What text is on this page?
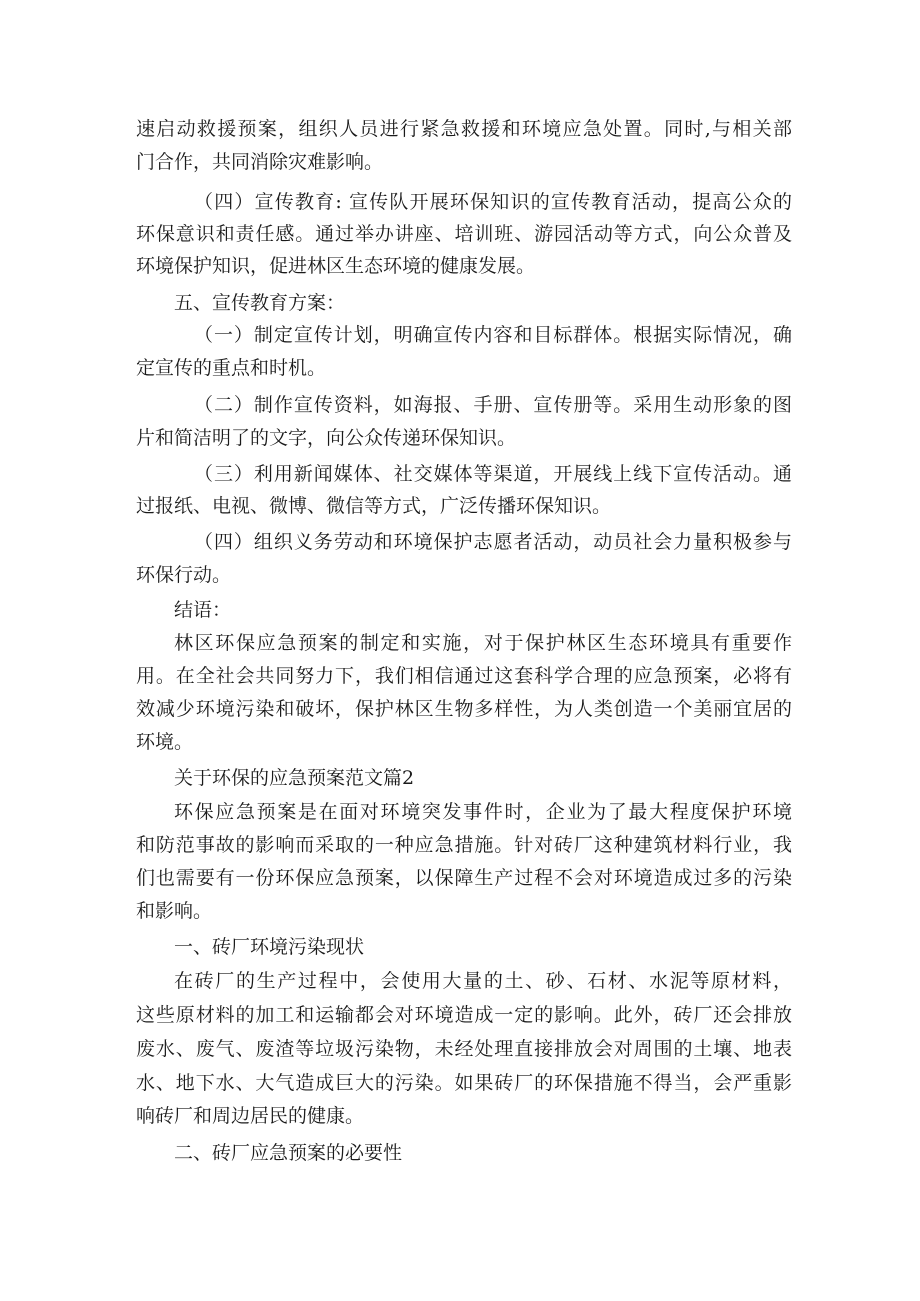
速启动救援预案，组织人员进行紧急救援和环境应急处置。同时,与相关部
门合作，共同消除灾难影响。
（四）宣传教育: 宣传队开展环保知识的宣传教育活动，提高公众的
环保意识和责任感。通过举办讲座、培训班、游园活动等方式，向公众普及
环境保护知识，促进林区生态环境的健康发展。
五、宣传教育方案：
（一）制定宣传计划，明确宣传内容和目标群体。根据实际情况，确
定宣传的重点和时机。
（二）制作宣传资料，如海报、手册、宣传册等。采用生动形象的图
片和简洁明了的文字，向公众传递环保知识。
（三）利用新闻媒体、社交媒体等渠道，开展线上线下宣传活动。通
过报纸、电视、微博、微信等方式，广泛传播环保知识。
（四）组织义务劳动和环境保护志愿者活动，动员社会力量积极参与
环保行动。
结语：
林区环保应急预案的制定和实施，对于保护林区生态环境具有重要作
用。在全社会共同努力下，我们相信通过这套科学合理的应急预案，必将有
效减少环境污染和破坏，保护林区生物多样性，为人类创造一个美丽宜居的
环境。
关于环保的应急预案范文篇2
环保应急预案是在面对环境突发事件时，企业为了最大程度保护环境
和防范事故的影响而采取的一种应急措施。针对砖厂这种建筑材料行业，我
们也需要有一份环保应急预案，以保障生产过程不会对环境造成过多的污染
和影响。
一、砖厂环境污染现状
在砖厂的生产过程中，会使用大量的土、砂、石材、水泥等原材料，
这些原材料的加工和运输都会对环境造成一定的影响。此外，砖厂还会排放
废水、废气、废渣等垃圾污染物，未经处理直接排放会对周围的土壤、地表
水、地下水、大气造成巨大的污染。如果砖厂的环保措施不得当，会严重影
响砖厂和周边居民的健康。
二、砖厂应急预案的必要性
